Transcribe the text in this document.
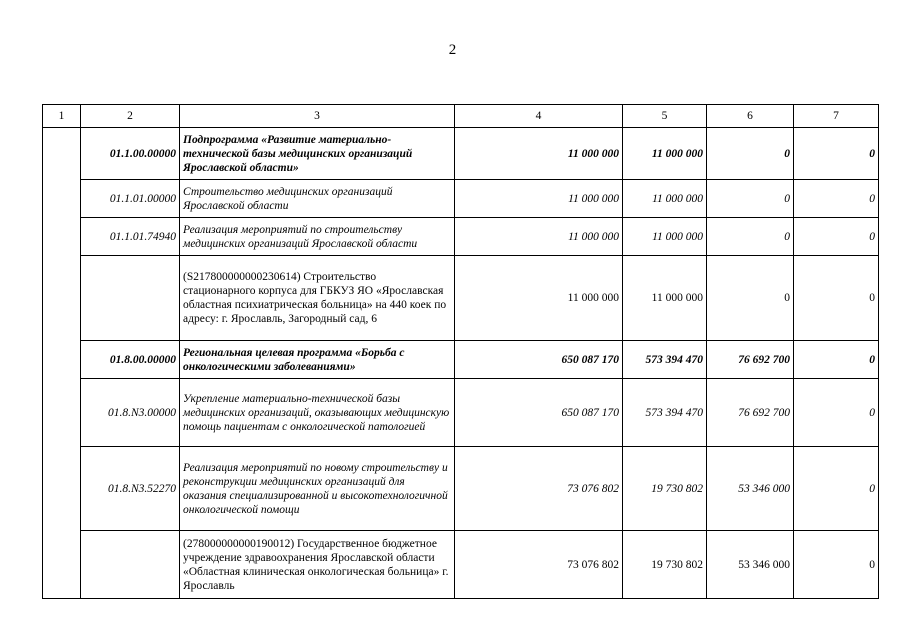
2
1	2	3	4	5	6	7
	01.1.00.00000	Подпрограмма «Развитие материально-технической базы медицинских организаций Ярославской области»	11 000 000	11 000 000	0	0
	01.1.01.00000	Строительство медицинских организаций Ярославской области	11 000 000	11 000 000	0	0
	01.1.01.74940	Реализация мероприятий по строительству медицинских организаций Ярославской области	11 000 000	11 000 000	0	0
		(S217800000000230614) Строительство стационарного корпуса для ГБКУЗ ЯО «Ярославская областная психиатрическая больница» на 440 коек по адресу: г. Ярославль, Загородный сад, 6	11 000 000	11 000 000	0	0
	01.8.00.00000	Региональная целевая программа «Борьба с онкологическими заболеваниями»	650 087 170	573 394 470	76 692 700	0
	01.8.N3.00000	Укрепление материально-технической базы медицинских организаций, оказывающих медицинскую помощь пациентам с онкологической патологией	650 087 170	573 394 470	76 692 700	0
	01.8.N3.52270	Реализация мероприятий по новому строительству и реконструкции медицинских организаций для оказания специализированной и высокотехнологичной онкологической помощи	73 076 802	19 730 802	53 346 000	0
		(278000000000190012) Государственное бюджетное учреждение здравоохранения Ярославской области «Областная клиническая онкологическая больница» г. Ярославль	73 076 802	19 730 802	53 346 000	0
